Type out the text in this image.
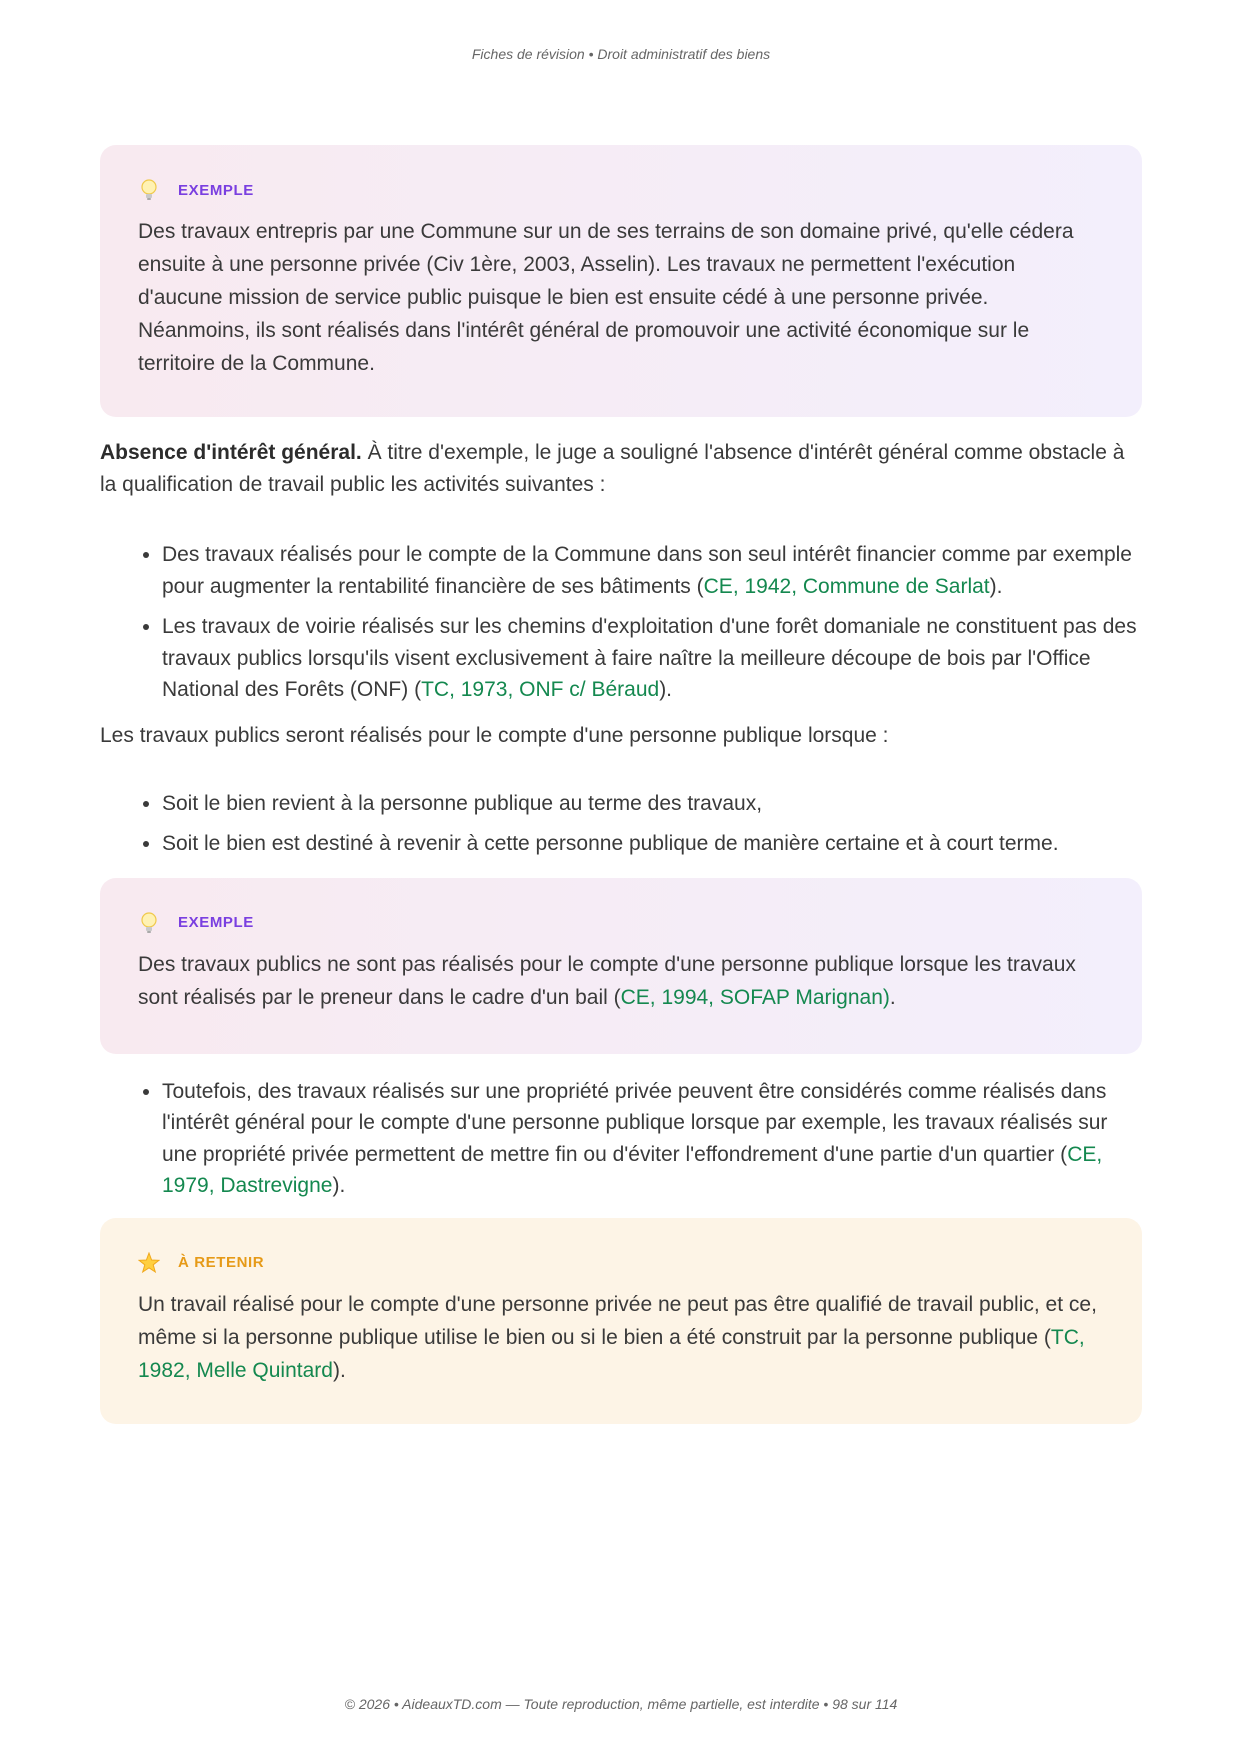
Fiches de révision • Droit administratif des biens
EXEMPLE
Des travaux entrepris par une Commune sur un de ses terrains de son domaine privé, qu'elle cédera ensuite à une personne privée (Civ 1ère, 2003, Asselin). Les travaux ne permettent l'exécution d'aucune mission de service public puisque le bien est ensuite cédé à une personne privée. Néanmoins, ils sont réalisés dans l'intérêt général de promouvoir une activité économique sur le territoire de la Commune.

Absence d'intérêt général. À titre d'exemple, le juge a souligné l'absence d'intérêt général comme obstacle à la qualification de travail public les activités suivantes :

• Des travaux réalisés pour le compte de la Commune dans son seul intérêt financier comme par exemple pour augmenter la rentabilité financière de ses bâtiments (CE, 1942, Commune de Sarlat).
• Les travaux de voirie réalisés sur les chemins d'exploitation d'une forêt domaniale ne constituent pas des travaux publics lorsqu'ils visent exclusivement à faire naître la meilleure découpe de bois par l'Office National des Forêts (ONF) (TC, 1973, ONF c/ Béraud).

Les travaux publics seront réalisés pour le compte d'une personne publique lorsque :

• Soit le bien revient à la personne publique au terme des travaux,
• Soit le bien est destiné à revenir à cette personne publique de manière certaine et à court terme.
EXEMPLE
Des travaux publics ne sont pas réalisés pour le compte d'une personne publique lorsque les travaux sont réalisés par le preneur dans le cadre d'un bail (CE, 1994, SOFAP Marignan).
• Toutefois, des travaux réalisés sur une propriété privée peuvent être considérés comme réalisés dans l'intérêt général pour le compte d'une personne publique lorsque par exemple, les travaux réalisés sur une propriété privée permettent de mettre fin ou d'éviter l'effondrement d'une partie d'un quartier (CE, 1979, Dastrevigne).
À RETENIR
Un travail réalisé pour le compte d'une personne privée ne peut pas être qualifié de travail public, et ce, même si la personne publique utilise le bien ou si le bien a été construit par la personne publique (TC, 1982, Melle Quintard).
© 2026 • AideauxTD.com — Toute reproduction, même partielle, est interdite • 98 sur 114
